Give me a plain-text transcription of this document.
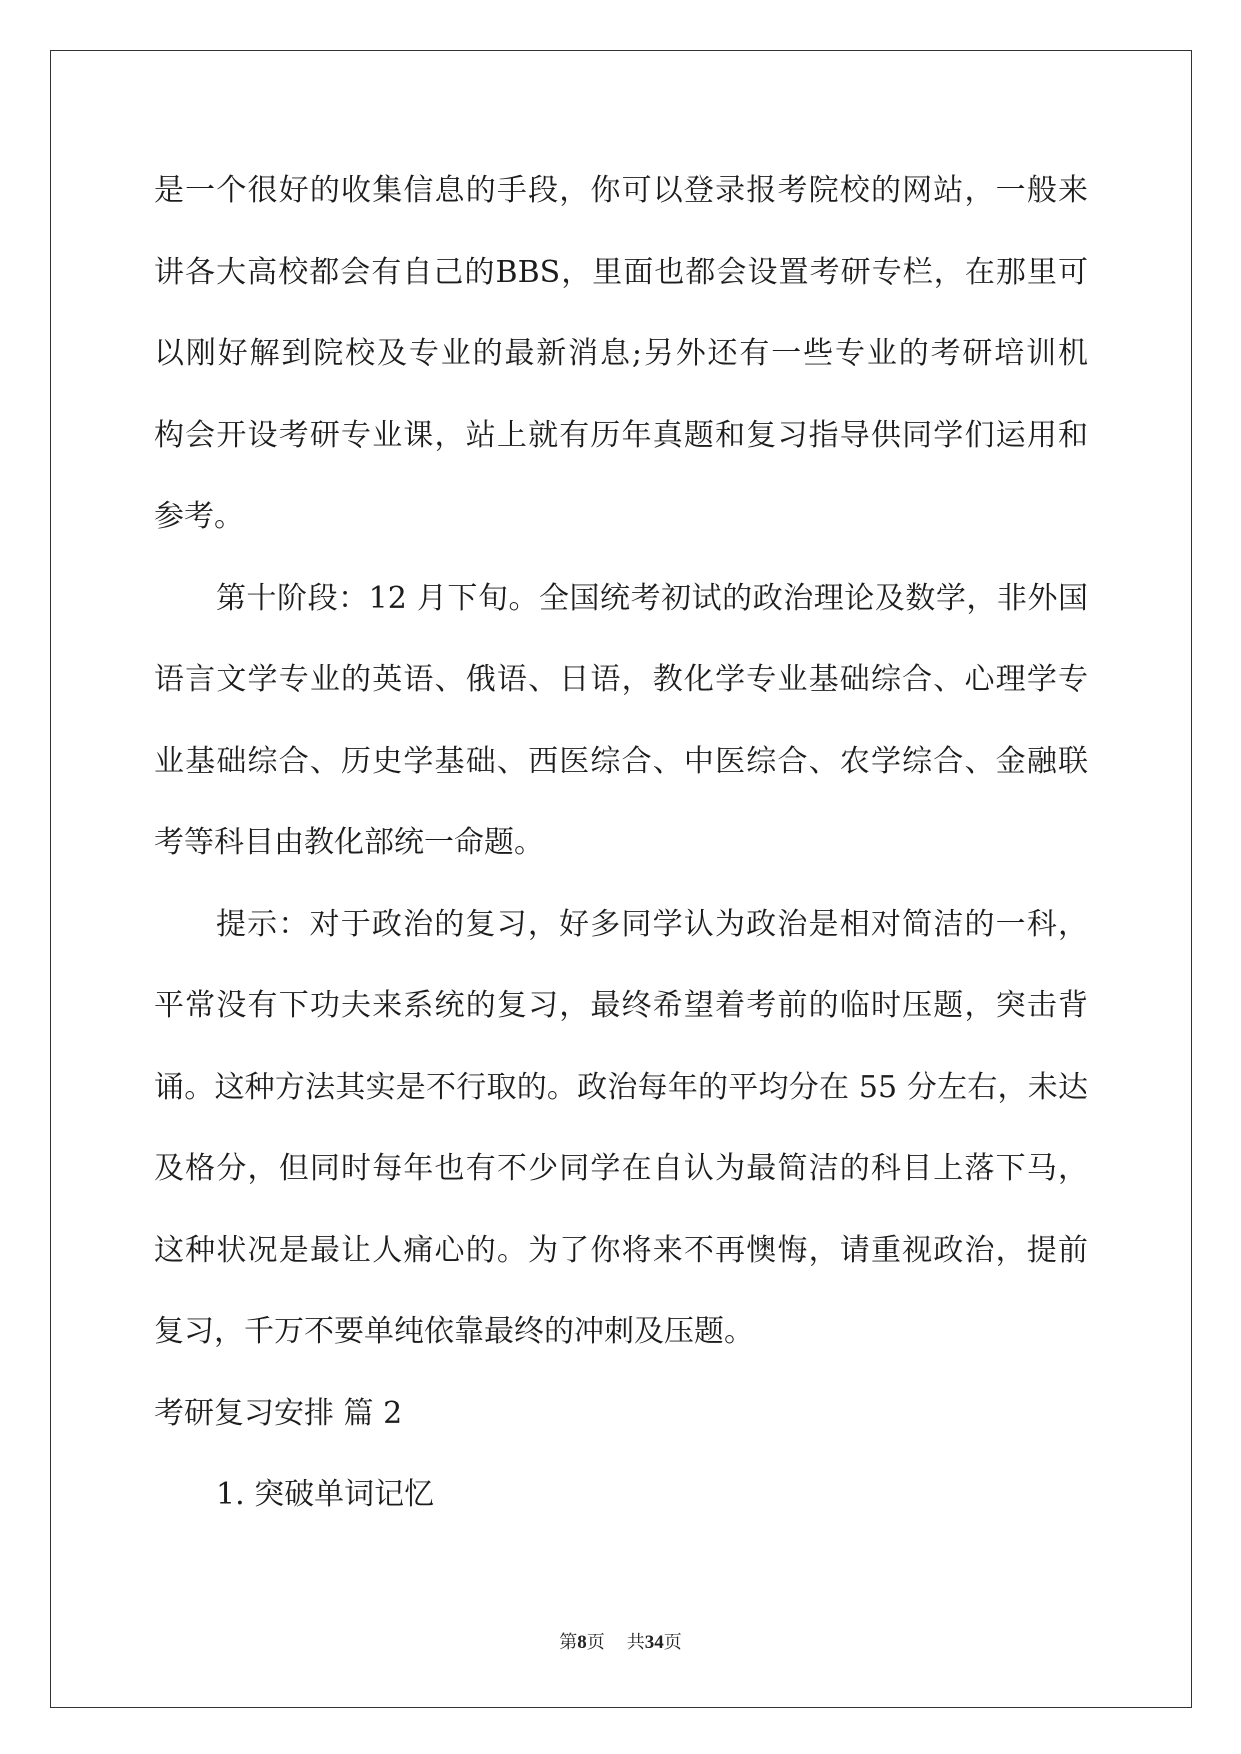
是一个很好的收集信息的手段，你可以登录报考院校的网站，一般来
讲各大高校都会有自己的BBS，里面也都会设置考研专栏，在那里可
以刚好解到院校及专业的最新消息;另外还有一些专业的考研培训机
构会开设考研专业课，站上就有历年真题和复习指导供同学们运用和
参考。
第十阶段：12 月下旬。全国统考初试的政治理论及数学，非外国
语言文学专业的英语、俄语、日语，教化学专业基础综合、心理学专
业基础综合、历史学基础、西医综合、中医综合、农学综合、金融联
考等科目由教化部统一命题。
提示：对于政治的复习，好多同学认为政治是相对简洁的一科，
平常没有下功夫来系统的复习，最终希望着考前的临时压题，突击背
诵。这种方法其实是不行取的。政治每年的平均分在 55 分左右，未达
及格分，但同时每年也有不少同学在自认为最简洁的科目上落下马，
这种状况是最让人痛心的。为了你将来不再懊悔，请重视政治，提前
复习，千万不要单纯依靠最终的冲刺及压题。
考研复习安排 篇 2
1. 突破单词记忆
第8页 共34页
